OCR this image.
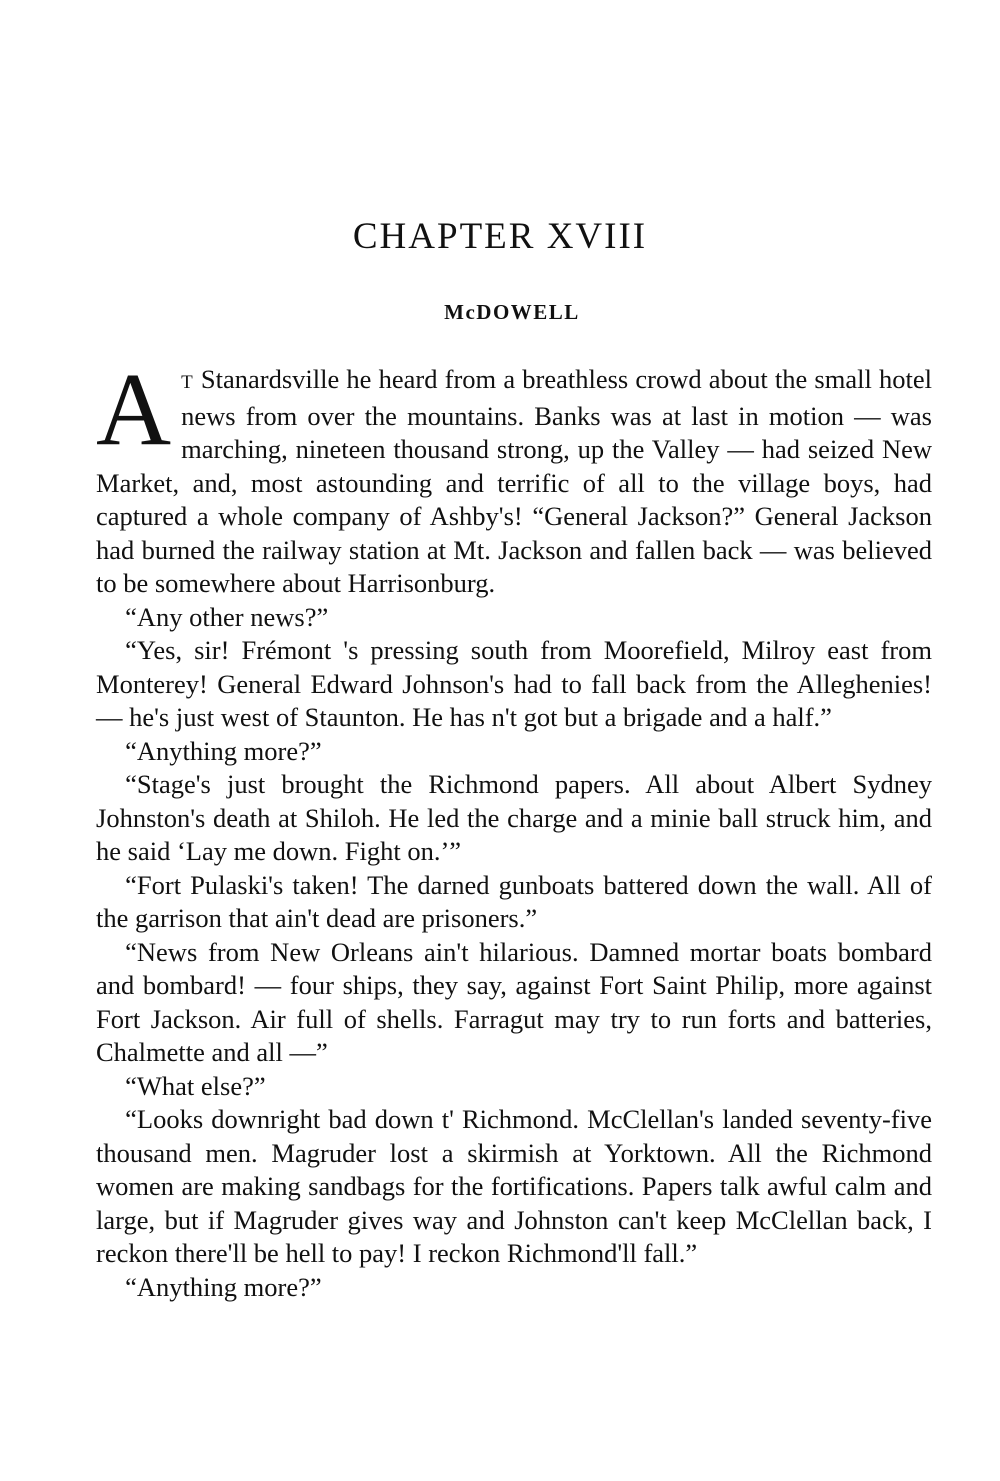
CHAPTER XVIII
McDOWELL

A T Stanardsville he heard from a breathless crowd about the small hotel news from over the mountains. Banks was at last in motion — was marching, nineteen thousand strong, up the Valley — had seized New Market, and, most astounding and terrific of all to the village boys, had captured a whole company of Ashby's! “General Jackson?” General Jackson had burned the railway station at Mt. Jackson and fallen back — was believed to be somewhere about Harrisonburg.

“Any other news?”

“Yes, sir! Frémont 's pressing south from Moorefield, Milroy east from Monterey! General Edward Johnson's had to fall back from the Alleghenies! — he's just west of Staunton. He has n't got but a brigade and a half.”

“Anything more?”

“Stage's just brought the Richmond papers. All about Albert Sydney Johnston's death at Shiloh. He led the charge and a minie ball struck him, and he said ‘Lay me down. Fight on.’”

“Fort Pulaski's taken! The darned gunboats battered down the wall. All of the garrison that ain't dead are prisoners.”

“News from New Orleans ain't hilarious. Damned mortar boats bombard and bombard! — four ships, they say, against Fort Saint Philip, more against Fort Jackson. Air full of shells. Farragut may try to run forts and batteries, Chalmette and all —”

“What else?”

“Looks downright bad down t' Richmond. McClellan's landed seventy-five thousand men. Magruder lost a skirmish at Yorktown. All the Richmond women are making sandbags for the fortifications. Papers talk awful calm and large, but if Magruder gives way and Johnston can't keep McClellan back, I reckon there'll be hell to pay! I reckon Richmond'll fall.”

“Anything more?”
